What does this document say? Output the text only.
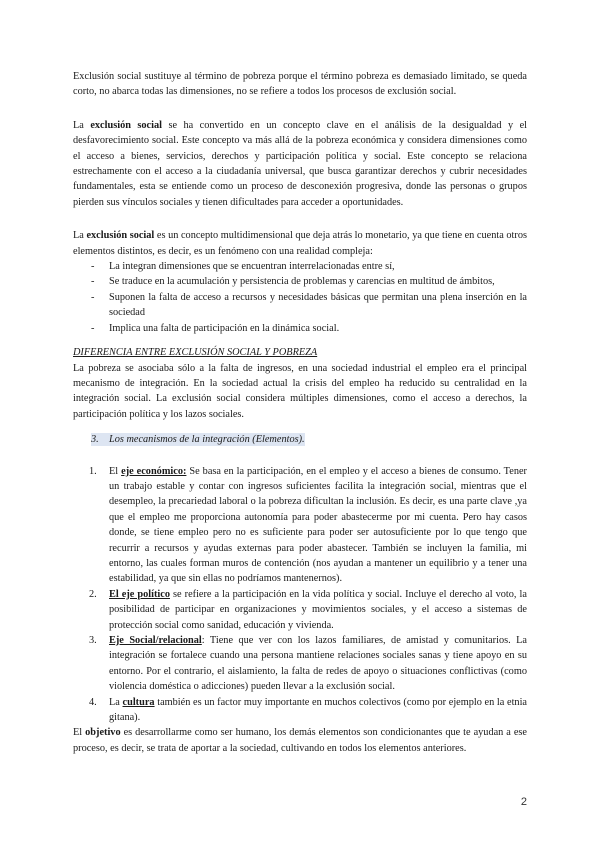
Exclusión social sustituye al término de pobreza porque el término pobreza es demasiado limitado, se queda corto, no abarca todas las dimensiones, no se refiere a todos los procesos de exclusión social.

La exclusión social se ha convertido en un concepto clave en el análisis de la desigualdad y el desfavorecimiento social. Este concepto va más allá de la pobreza económica y considera dimensiones como el acceso a bienes, servicios, derechos y participación política y social. Este concepto se relaciona estrechamente con el acceso a la ciudadanía universal, que busca garantizar derechos y cubrir necesidades fundamentales, esta se entiende como un proceso de desconexión progresiva, donde las personas o grupos pierden sus vínculos sociales y tienen dificultades para acceder a oportunidades.

La exclusión social es un concepto multidimensional que deja atrás lo monetario, ya que tiene en cuenta otros elementos distintos, es decir, es un fenómeno con una realidad compleja:

- La integran dimensiones que se encuentran interrelacionadas entre sí,
- Se traduce en la acumulación y persistencia de problemas y carencias en multitud de ámbitos,
- Suponen la falta de acceso a recursos y necesidades básicas que permitan una plena inserción en la sociedad
- Implica una falta de participación en la dinámica social.

DIFERENCIA ENTRE EXCLUSIÓN SOCIAL Y POBREZA

La pobreza se asociaba sólo a la falta de ingresos, en una sociedad industrial el empleo era el principal mecanismo de integración. En la sociedad actual la crisis del empleo ha reducido su centralidad en la integración social. La exclusión social considera múltiples dimensiones, como el acceso a derechos, la participación política y los lazos sociales.

3. Los mecanismos de la integración (Elementos).

1. El eje económico: Se basa en la participación, en el empleo y el acceso a bienes de consumo. Tener un trabajo estable y contar con ingresos suficientes facilita la integración social, mientras que el desempleo, la precariedad laboral o la pobreza dificultan la inclusión. Es decir, es una parte clave ,ya que el empleo me proporciona autonomía para poder abastecerme por mi cuenta. Pero hay casos donde, se tiene empleo pero no es suficiente para poder ser autosuficiente por lo que tengo que recurrir a recursos y ayudas externas para poder abastecer. También se incluyen la familia, mi entorno, las cuales forman muros de contención (nos ayudan a mantener un equilibrio y a tener una estabilidad, ya que sin ellas no podríamos mantenernos).
2. El eje político se refiere a la participación en la vida política y social. Incluye el derecho al voto, la posibilidad de participar en organizaciones y movimientos sociales, y el acceso a sistemas de protección social como sanidad, educación y vivienda.
3. Eje Social/relacional: Tiene que ver con los lazos familiares, de amistad y comunitarios. La integración se fortalece cuando una persona mantiene relaciones sociales sanas y tiene apoyo en su entorno. Por el contrario, el aislamiento, la falta de redes de apoyo o situaciones conflictivas (como violencia doméstica o adicciones) pueden llevar a la exclusión social.
4. La cultura también es un factor muy importante en muchos colectivos (como por ejemplo en la etnia gitana).

El objetivo es desarrollarme como ser humano, los demás elementos son condicionantes que te ayudan a ese proceso, es decir, se trata de aportar a la sociedad, cultivando en todos los elementos anteriores.

2
